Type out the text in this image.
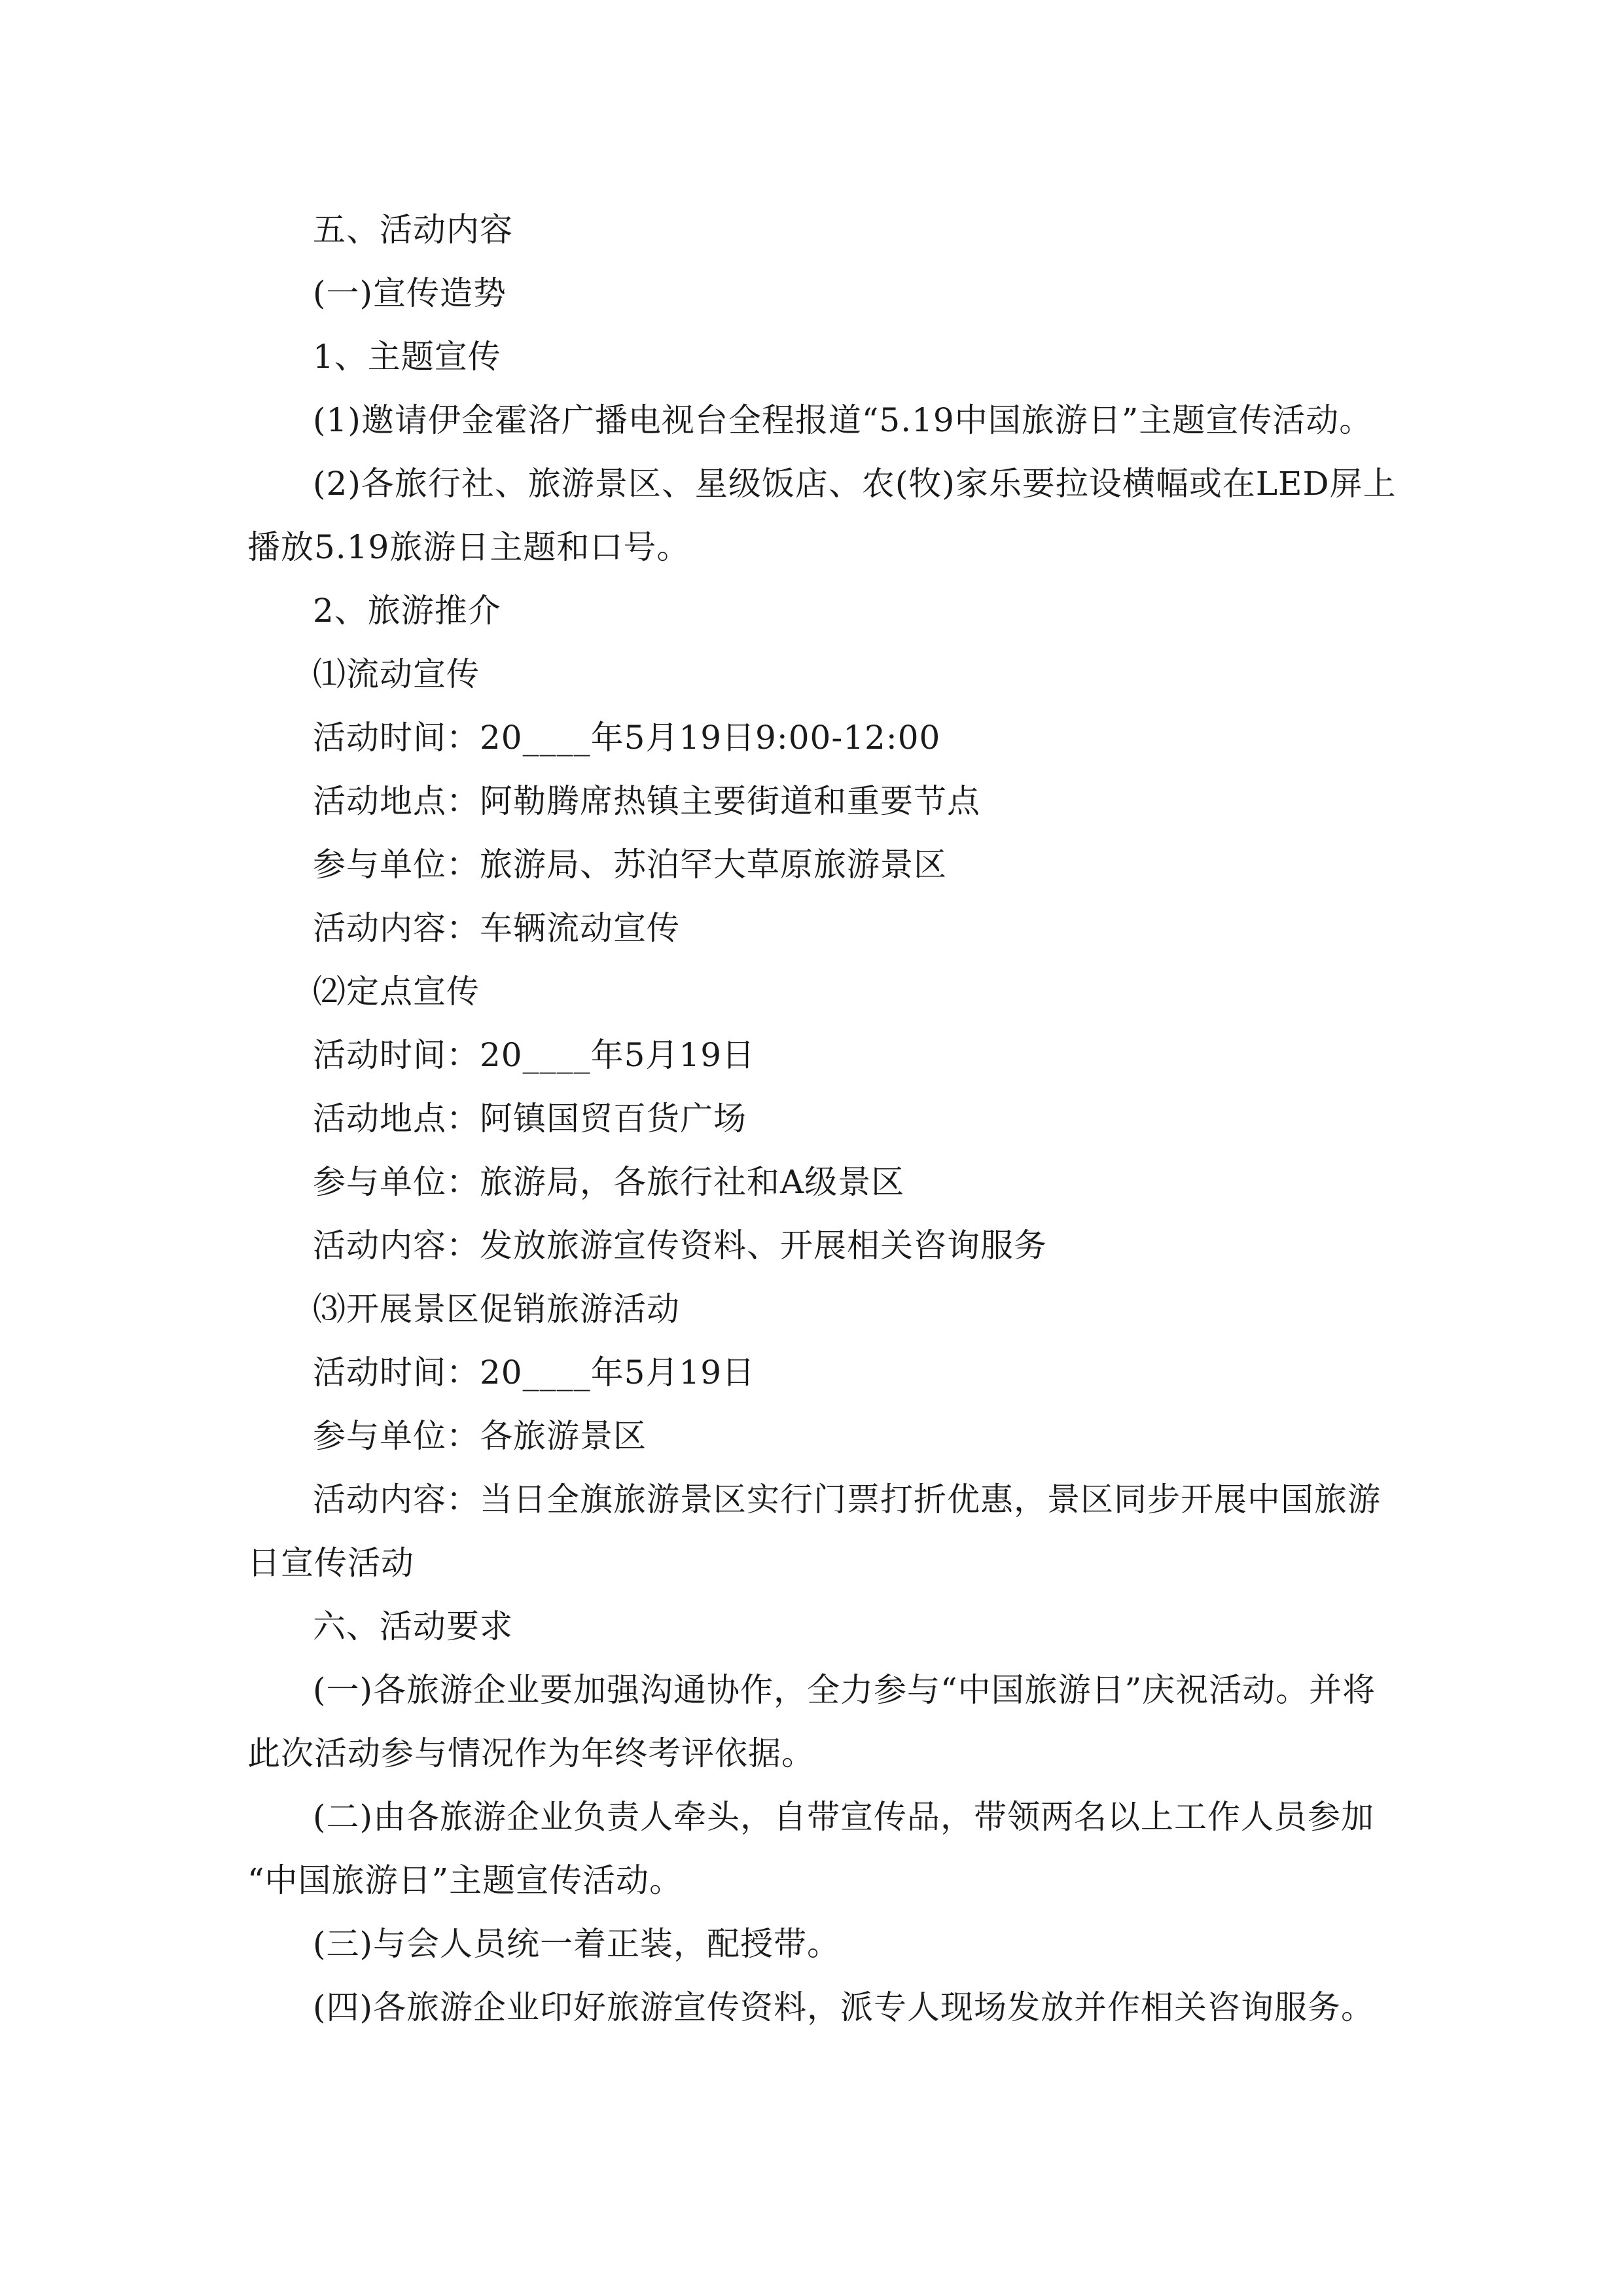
五、活动内容
(一)宣传造势
1、主题宣传
(1)邀请伊金霍洛广播电视台全程报道“5.19中国旅游日”主题宣传活动。
(2)各旅行社、旅游景区、星级饭店、农(牧)家乐要拉设横幅或在LED屏上
播放5.19旅游日主题和口号。
2、旅游推介
⑴流动宣传
活动时间：20____年5月19日9:00-12:00
活动地点：阿勒腾席热镇主要街道和重要节点
参与单位：旅游局、苏泊罕大草原旅游景区
活动内容：车辆流动宣传
⑵定点宣传
活动时间：20____年5月19日
活动地点：阿镇国贸百货广场
参与单位：旅游局，各旅行社和A级景区
活动内容：发放旅游宣传资料、开展相关咨询服务
⑶开展景区促销旅游活动
活动时间：20____年5月19日
参与单位：各旅游景区
活动内容：当日全旗旅游景区实行门票打折优惠，景区同步开展中国旅游
日宣传活动
六、活动要求
(一)各旅游企业要加强沟通协作，全力参与“中国旅游日”庆祝活动。并将
此次活动参与情况作为年终考评依据。
(二)由各旅游企业负责人牵头，自带宣传品，带领两名以上工作人员参加
“中国旅游日”主题宣传活动。
(三)与会人员统一着正装，配授带。
(四)各旅游企业印好旅游宣传资料，派专人现场发放并作相关咨询服务。
